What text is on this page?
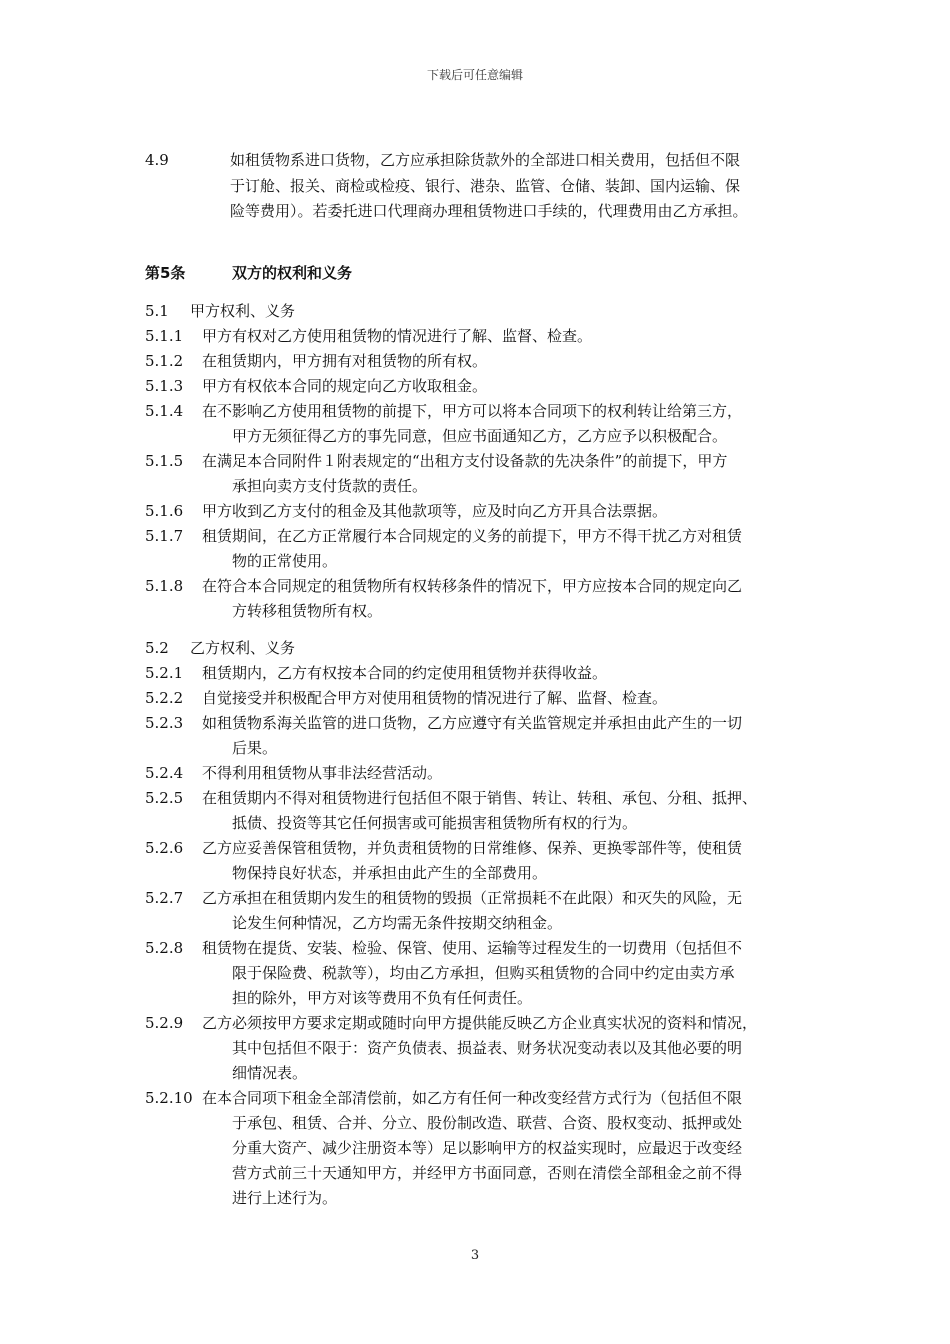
下载后可任意编辑
4.9	如租赁物系进口货物，乙方应承担除货款外的全部进口相关费用，包括但不限
于订舱、报关、商检或检疫、银行、港杂、监管、仓储、装卸、国内运输、保
险等费用）。若委托进口代理商办理租赁物进口手续的，代理费用由乙方承担。
第5条	双方的权利和义务
5.1 甲方权利、义务
5.1.1 甲方有权对乙方使用租赁物的情况进行了解、监督、检查。
5.1.2 在租赁期内，甲方拥有对租赁物的所有权。
5.1.3 甲方有权依本合同的规定向乙方收取租金。
5.1.4 在不影响乙方使用租赁物的前提下，甲方可以将本合同项下的权利转让给第三方，
甲方无须征得乙方的事先同意，但应书面通知乙方，乙方应予以积极配合。
5.1.5 在满足本合同附件１附表规定的“出租方支付设备款的先决条件”的前提下，甲方
承担向卖方支付货款的责任。
5.1.6 甲方收到乙方支付的租金及其他款项等，应及时向乙方开具合法票据。
5.1.7 租赁期间，在乙方正常履行本合同规定的义务的前提下，甲方不得干扰乙方对租赁
物的正常使用。
5.1.8 在符合本合同规定的租赁物所有权转移条件的情况下，甲方应按本合同的规定向乙
方转移租赁物所有权。
5.2 乙方权利、义务
5.2.1 租赁期内，乙方有权按本合同的约定使用租赁物并获得收益。
5.2.2 自觉接受并积极配合甲方对使用租赁物的情况进行了解、监督、检查。
5.2.3 如租赁物系海关监管的进口货物，乙方应遵守有关监管规定并承担由此产生的一切
后果。
5.2.4 不得利用租赁物从事非法经营活动。
5.2.5 在租赁期内不得对租赁物进行包括但不限于销售、转让、转租、承包、分租、抵押、
抵债、投资等其它任何损害或可能损害租赁物所有权的行为。
5.2.6 乙方应妥善保管租赁物，并负责租赁物的日常维修、保养、更换零部件等，使租赁
物保持良好状态，并承担由此产生的全部费用。
5.2.7 乙方承担在租赁期内发生的租赁物的毁损（正常损耗不在此限）和灭失的风险，无
论发生何种情况，乙方均需无条件按期交纳租金。
5.2.8 租赁物在提货、安装、检验、保管、使用、运输等过程发生的一切费用（包括但不
限于保险费、税款等），均由乙方承担，但购买租赁物的合同中约定由卖方承
担的除外，甲方对该等费用不负有任何责任。
5.2.9 乙方必须按甲方要求定期或随时向甲方提供能反映乙方企业真实状况的资料和情况，
其中包括但不限于：资产负债表、损益表、财务状况变动表以及其他必要的明
细情况表。
5.2.10 在本合同项下租金全部清偿前，如乙方有任何一种改变经营方式行为（包括但不限
于承包、租赁、合并、分立、股份制改造、联营、合资、股权变动、抵押或处
分重大资产、减少注册资本等）足以影响甲方的权益实现时，应最迟于改变经
营方式前三十天通知甲方，并经甲方书面同意，否则在清偿全部租金之前不得
进行上述行为。
3
